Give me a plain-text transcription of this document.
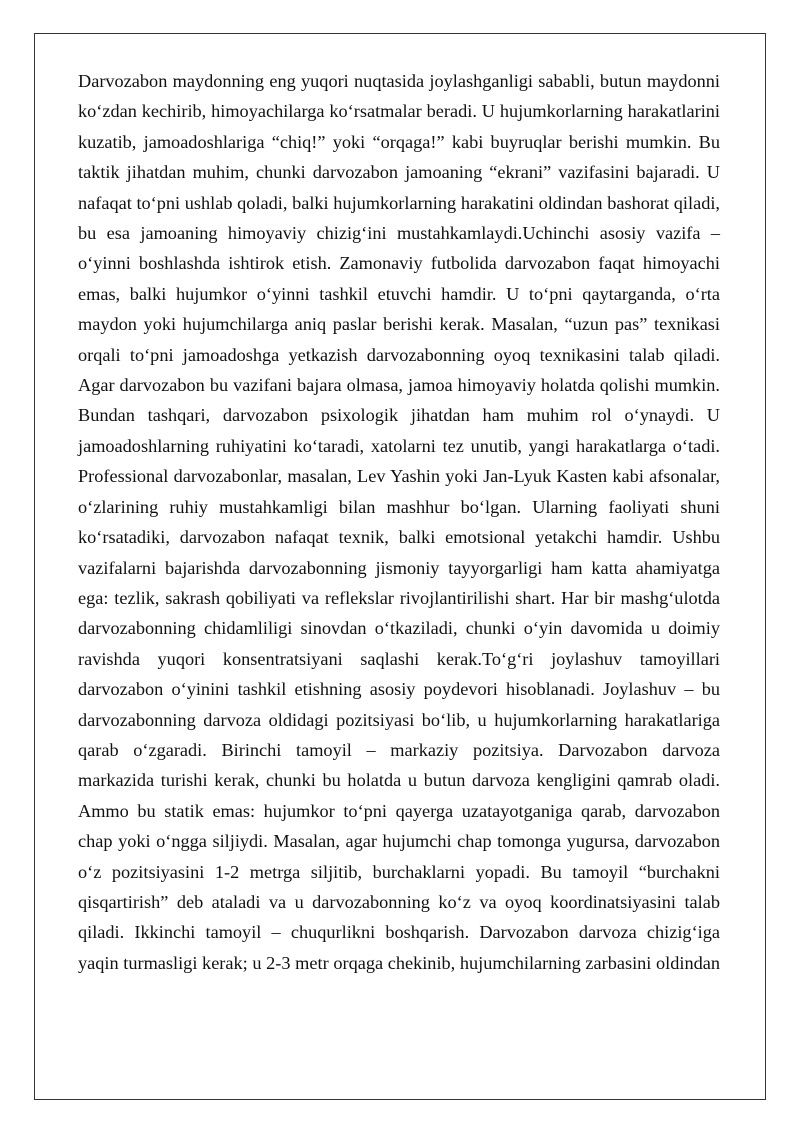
Darvozabon maydonning eng yuqori nuqtasida joylashganligi sababli, butun maydonni ko‘zdan kechirib, himoyachilarga ko‘rsatmalar beradi. U hujumkorlarning harakatlarini kuzatib, jamoadoshlariga “chiq!” yoki “orqaga!” kabi buyruqlar berishi mumkin. Bu taktik jihatdan muhim, chunki darvozabon jamoaning “ekrani” vazifasini bajaradi. U nafaqat to‘pni ushlab qoladi, balki hujumkorlarning harakatini oldindan bashorat qiladi, bu esa jamoaning himoyaviy chizig‘ini mustahkamlaydi.Uchinchi asosiy vazifa – o‘yinni boshlashda ishtirok etish. Zamonaviy futbolida darvozabon faqat himoyachi emas, balki hujumkor o‘yinni tashkil etuvchi hamdir. U to‘pni qaytarganda, o‘rta maydon yoki hujumchilarga aniq paslar berishi kerak. Masalan, “uzun pas” texnikasi orqali to‘pni jamoadoshga yetkazish darvozabonning oyoq texnikasini talab qiladi. Agar darvozabon bu vazifani bajara olmasa, jamoa himoyaviy holatda qolishi mumkin. Bundan tashqari, darvozabon psixologik jihatdan ham muhim rol o‘ynaydi. U jamoadoshlarning ruhiyatini ko‘taradi, xatolarni tez unutib, yangi harakatlarga o‘tadi. Professional darvozabonlar, masalan, Lev Yashin yoki Jan-Lyuk Kasten kabi afsonalar, o‘zlarining ruhiy mustahkamligi bilan mashhur bo‘lgan. Ularning faoliyati shuni ko‘rsatadiki, darvozabon nafaqat texnik, balki emotsional yetakchi hamdir. Ushbu vazifalarni bajarishda darvozabonning jismoniy tayyorgarligi ham katta ahamiyatga ega: tezlik, sakrash qobiliyati va reflekslar rivojlantirilishi shart. Har bir mashg‘ulotda darvozabonning chidamliligi sinovdan o‘tkaziladi, chunki o‘yin davomida u doimiy ravishda yuqori konsentratsiyani saqlashi kerak.To‘g‘ri joylashuv tamoyillari darvozabon o‘yinini tashkil etishning asosiy poydevori hisoblanadi. Joylashuv – bu darvozabonning darvoza oldidagi pozitsiyasi bo‘lib, u hujumkorlarning harakatlariga qarab o‘zgaradi. Birinchi tamoyil – markaziy pozitsiya. Darvozabon darvoza markazida turishi kerak, chunki bu holatda u butun darvoza kengligini qamrab oladi. Ammo bu statik emas: hujumkor to‘pni qayerga uzatayotganiga qarab, darvozabon chap yoki o‘ngga siljiydi. Masalan, agar hujumchi chap tomonga yugursa, darvozabon o‘z pozitsiyasini 1-2 metrga siljitib, burchaklarni yopadi. Bu tamoyil “burchakni qisqartirish” deb ataladi va u darvozabonning ko‘z va oyoq koordinatsiyasini talab qiladi. Ikkinchi tamoyil – chuqurlikni boshqarish. Darvozabon darvoza chizig‘iga yaqin turmasligi kerak; u 2-3 metr orqaga chekinib, hujumchilarning zarbasini oldindan
